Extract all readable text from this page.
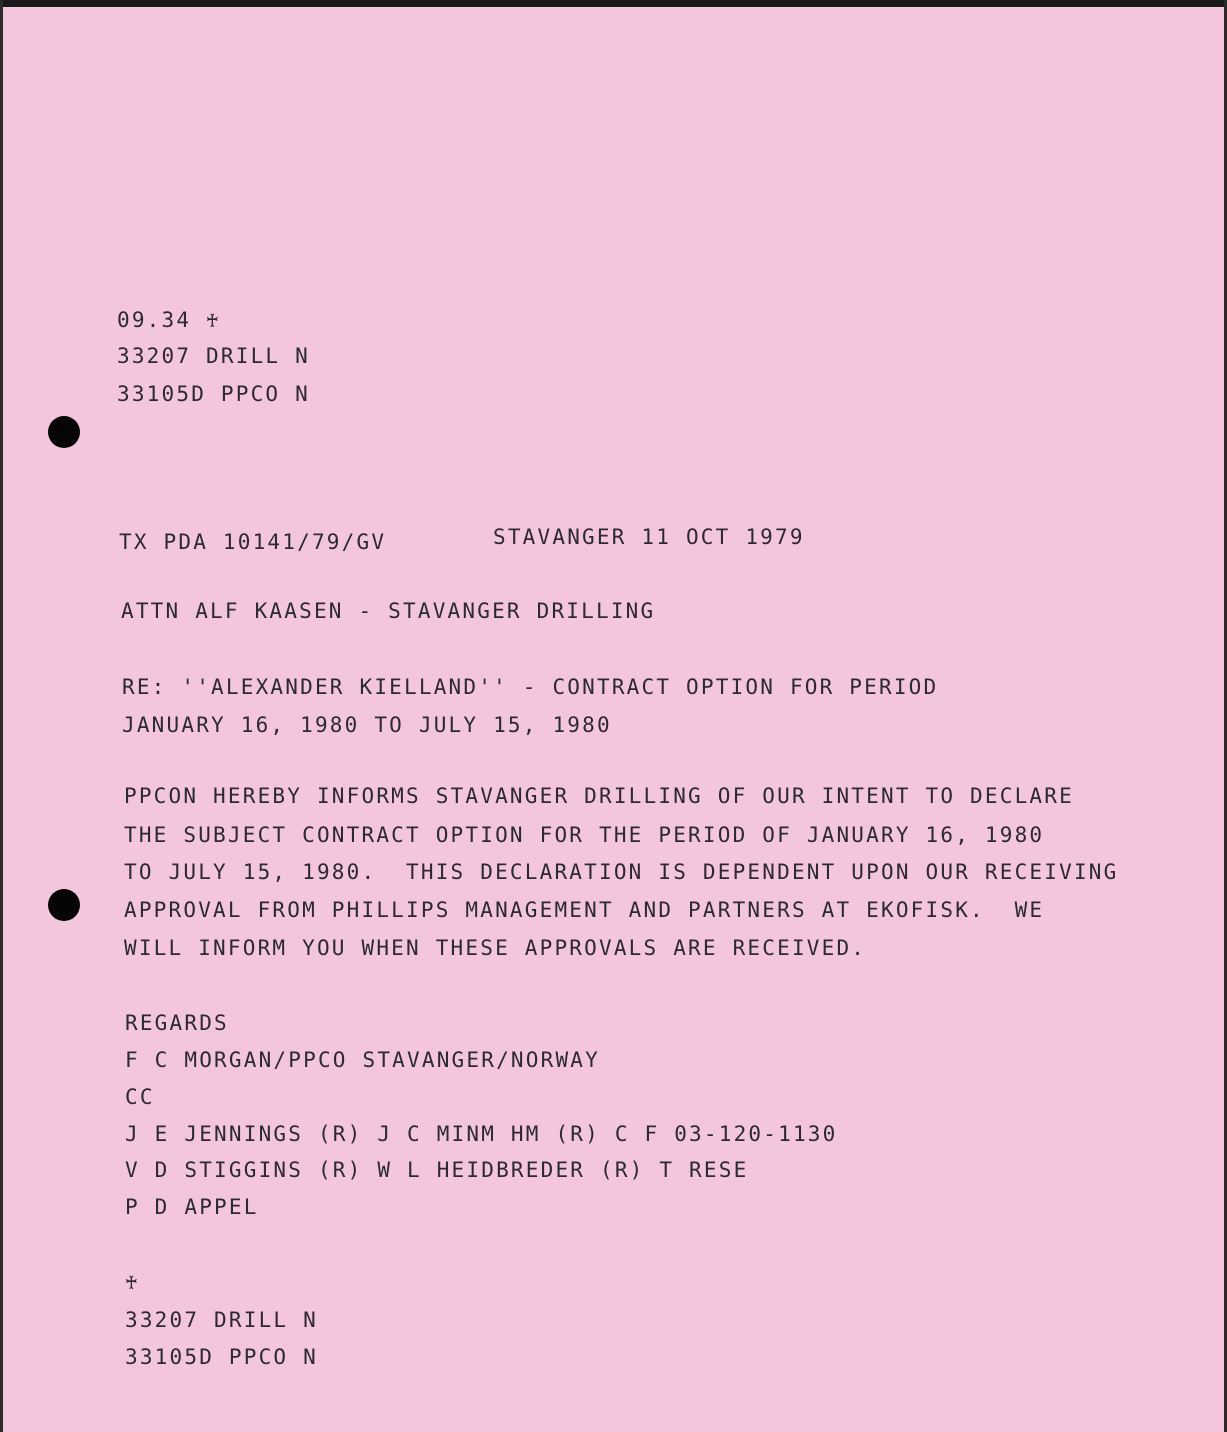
09.34 ♰

33207 DRILL N

33105D PPCO N

TX PDA 10141/79/GV	STAVANGER 11 OCT 1979

ATTN ALF KAASEN - STAVANGER DRILLING

RE: ''ALEXANDER KIELLAND'' - CONTRACT OPTION FOR PERIOD

JANUARY 16, 1980 TO JULY 15, 1980

PPCON HEREBY INFORMS STAVANGER DRILLING OF OUR INTENT TO DECLARE

THE SUBJECT CONTRACT OPTION FOR THE PERIOD OF JANUARY 16, 1980

TO JULY 15, 1980.  THIS DECLARATION IS DEPENDENT UPON OUR RECEIVING

APPROVAL FROM PHILLIPS MANAGEMENT AND PARTNERS AT EKOFISK.  WE

WILL INFORM YOU WHEN THESE APPROVALS ARE RECEIVED.

REGARDS

F C MORGAN/PPCO STAVANGER/NORWAY

CC

J E JENNINGS (R) J C MINM HM (R) C F 03-120-1130

V D STIGGINS (R) W L HEIDBREDER (R) T RESE

P D APPEL

♰

33207 DRILL N

33105D PPCO N
